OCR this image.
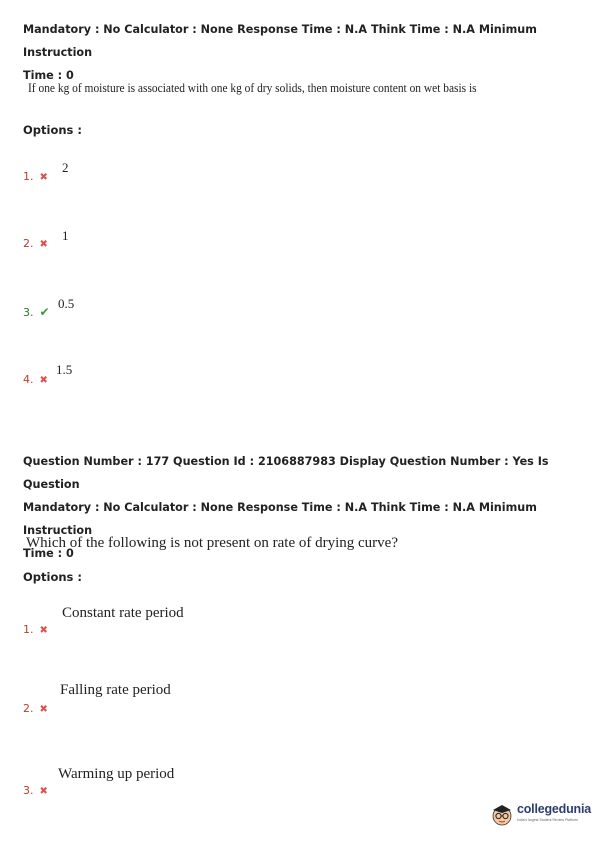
Mandatory : No Calculator : None Response Time : N.A Think Time : N.A Minimum Instruction
Time : 0
If one kg of moisture is associated with one kg of dry solids, then moisture content on wet basis is
Options :
1. ✖
2
2. ✖
1
3. ✔
0.5
4. ✖
1.5
Question Number : 177 Question Id : 2106887983 Display Question Number : Yes Is Question
Mandatory : No Calculator : None Response Time : N.A Think Time : N.A Minimum Instruction
Time : 0
Which of the following is not present on rate of drying curve?
Options :
1. ✖
Constant rate period
2. ✖
Falling rate period
3. ✖
Warming up period
collegedunia
India's largest Student Review Platform
